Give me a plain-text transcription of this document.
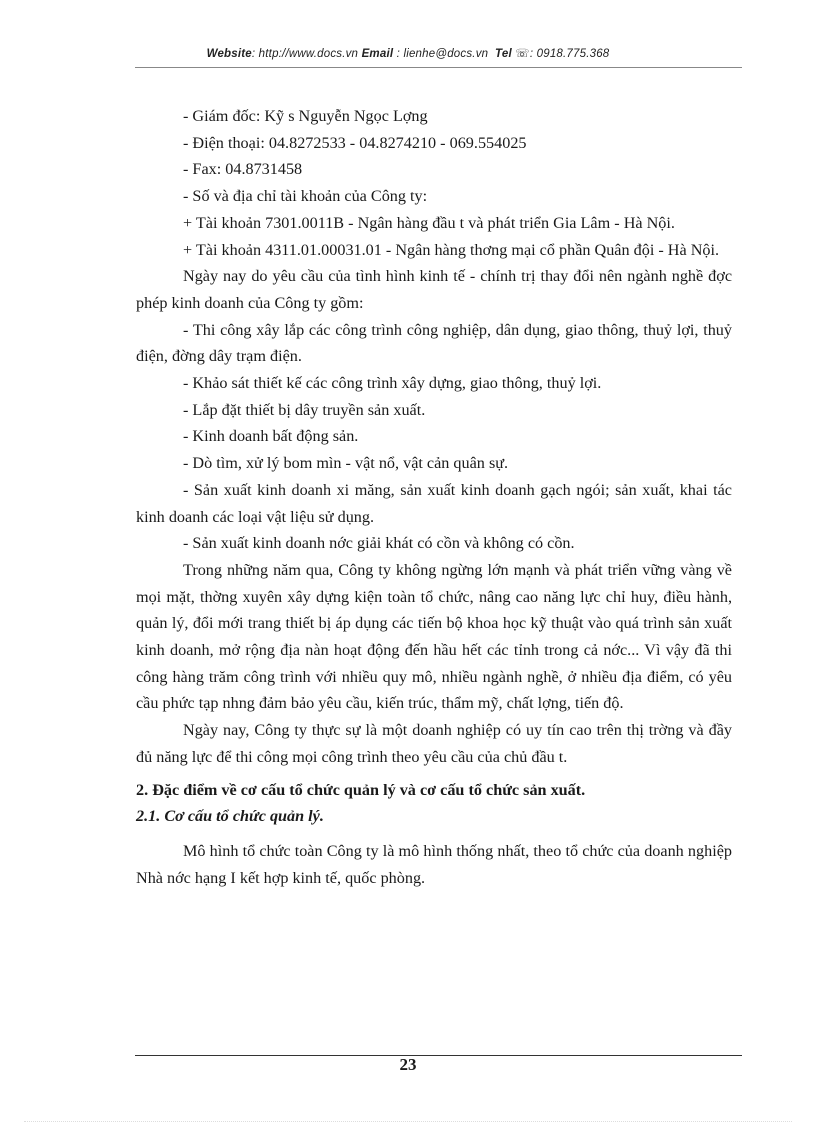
Website: http://www.docs.vn Email : lienhe@docs.vn Tel ☏: 0918.775.368

- Giám đốc: Kỹ s Nguyễn Ngọc Lợng

- Điện thoại: 04.8272533 - 04.8274210 - 069.554025

- Fax: 04.8731458

- Số và địa chỉ tài khoản của Công ty:

+ Tài khoản 7301.0011B - Ngân hàng đầu t và phát triển Gia Lâm - Hà Nội.

+ Tài khoản 4311.01.00031.01 - Ngân hàng thơng mại cổ phần Quân đội - Hà Nội.

Ngày nay do yêu cầu của tình hình kinh tế - chính trị thay đổi nên ngành nghề đợc phép kinh doanh của Công ty gồm:

- Thi công xây lắp các công trình công nghiệp, dân dụng, giao thông, thuỷ lợi, thuỷ điện, đờng dây trạm điện.

- Khảo sát thiết kế các công trình xây dựng, giao thông, thuỷ lợi.

- Lắp đặt thiết bị dây truyền sản xuất.

- Kinh doanh bất động sản.

- Dò tìm, xử lý bom mìn - vật nổ, vật cản quân sự.

- Sản xuất kinh doanh xi măng, sản xuất kinh doanh gạch ngói; sản xuất, khai tác kinh doanh các loại vật liệu sử dụng.

- Sản xuất kinh doanh nớc giải khát có cồn và không có cồn.

Trong những năm qua, Công ty không ngừng lớn mạnh và phát triển vững vàng về mọi mặt, thờng xuyên xây dựng kiện toàn tổ chức, nâng cao năng lực chỉ huy, điều hành, quản lý, đổi mới trang thiết bị áp dụng các tiến bộ khoa học kỹ thuật vào quá trình sản xuất kinh doanh, mở rộng địa nàn hoạt động đến hầu hết các tỉnh trong cả nớc... Vì vậy đã thi công hàng trăm công trình với nhiều quy mô, nhiều ngành nghề, ở nhiều địa điểm, có yêu cầu phức tạp nhng đảm bảo yêu cầu, kiến trúc, thẩm mỹ, chất lợng, tiến độ.

Ngày nay, Công ty thực sự là một doanh nghiệp có uy tín cao trên thị trờng và đầy đủ năng lực để thi công mọi công trình theo yêu cầu của chủ đầu t.

2. Đặc điểm về cơ cấu tổ chức quản lý và cơ cấu tổ chức sản xuất.

2.1. Cơ cấu tổ chức quản lý.

Mô hình tổ chức toàn Công ty là mô hình thống nhất, theo tổ chức của doanh nghiệp Nhà nớc hạng I kết hợp kinh tế, quốc phòng.

23
